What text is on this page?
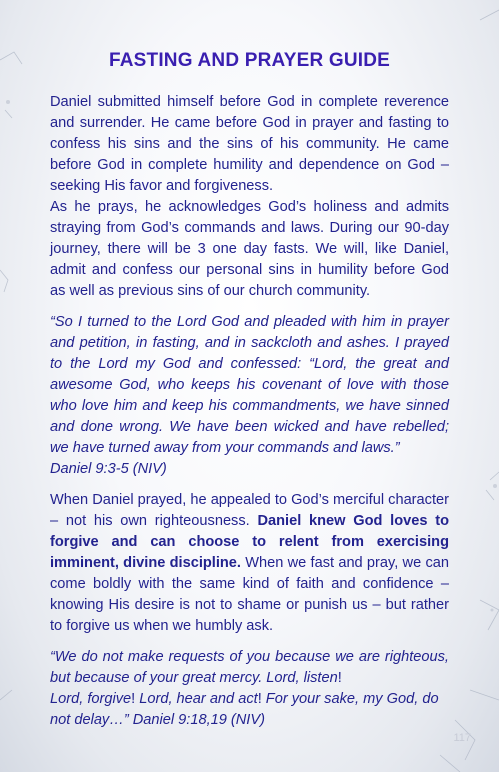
FASTING AND PRAYER GUIDE

Daniel submitted himself before God in complete reverence and surrender. He came before God in prayer and fasting to confess his sins and the sins of his community. He came before God in complete humility and dependence on God – seeking His favor and forgiveness.

As he prays, he acknowledges God’s holiness and admits straying from God’s commands and laws. During our 90-day journey, there will be 3 one day fasts. We will, like Daniel, admit and confess our personal sins in humility before God as well as previous sins of our church community.

“So I turned to the Lord God and pleaded with him in prayer and petition, in fasting, and in sackcloth and ashes. I prayed to the Lord my God and confessed: “Lord, the great and awesome God, who keeps his covenant of love with those who love him and keep his commandments, we have sinned and done wrong. We have been wicked and have rebelled; we have turned away from your commands and laws.”

Daniel 9:3-5 (NIV)

When Daniel prayed, he appealed to God’s merciful character – not his own righteousness. Daniel knew God loves to forgive and can choose to relent from exercising imminent, divine discipline. When we fast and pray, we can come boldly with the same kind of faith and confidence – knowing His desire is not to shame or punish us – but rather to forgive us when we humbly ask.

“We do not make requests of you because we are righteous, but because of your great mercy. Lord, listen!

Lord, forgive! Lord, hear and act! For your sake, my God, do not delay…” Daniel 9:18,19 (NIV)

117
